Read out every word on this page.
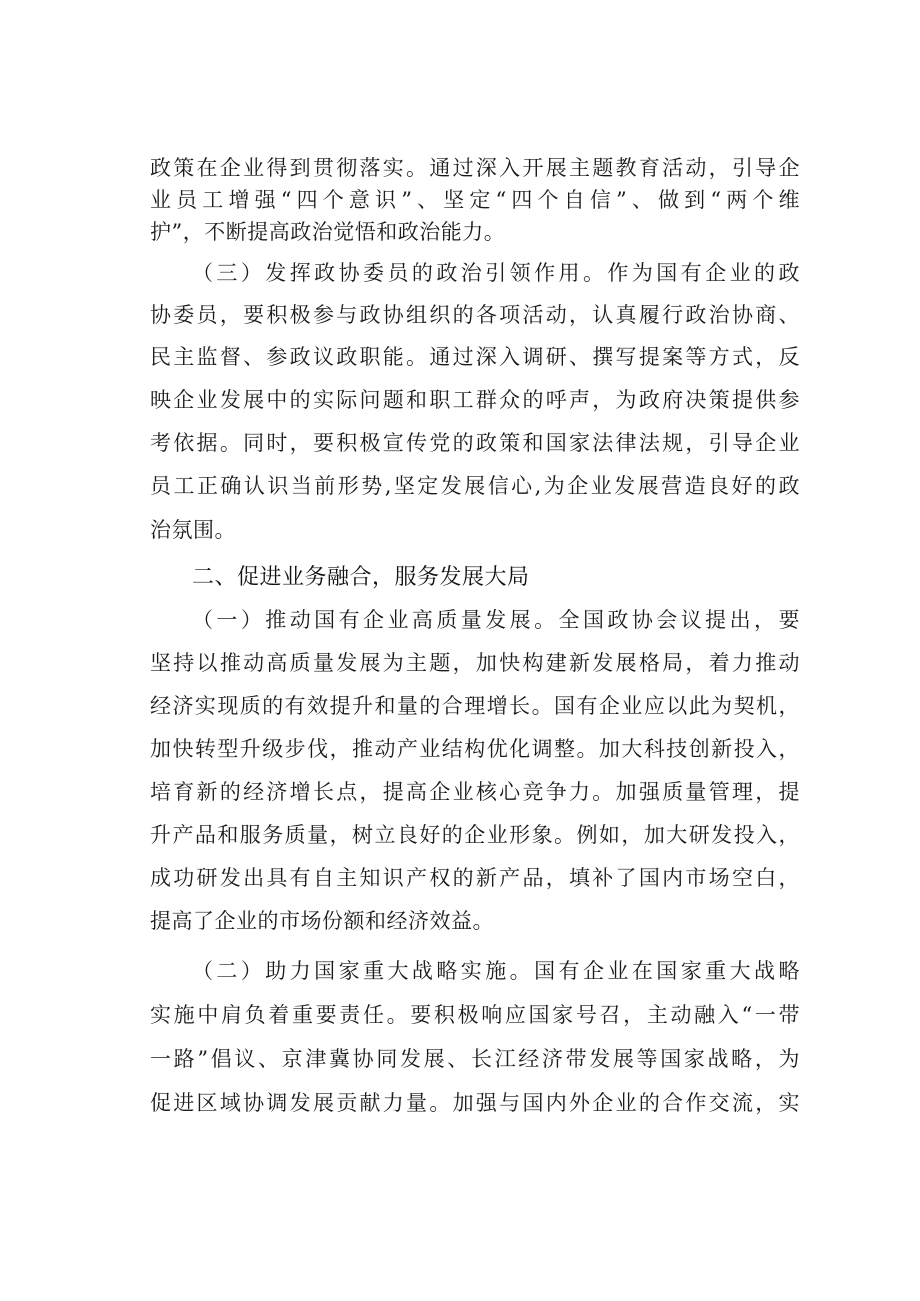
政策在企业得到贯彻落实。通过深入开展主题教育活动，引导企
业员工增强“四个意识”、坚定“四个自信”、做到“两个维
护”，不断提高政治觉悟和政治能力。
（三）发挥政协委员的政治引领作用。作为国有企业的政
协委员，要积极参与政协组织的各项活动，认真履行政治协商、
民主监督、参政议政职能。通过深入调研、撰写提案等方式，反
映企业发展中的实际问题和职工群众的呼声，为政府决策提供参
考依据。同时，要积极宣传党的政策和国家法律法规，引导企业
员工正确认识当前形势,坚定发展信心,为企业发展营造良好的政
治氛围。
二、促进业务融合，服务发展大局
（一）推动国有企业高质量发展。全国政协会议提出，要
坚持以推动高质量发展为主题，加快构建新发展格局，着力推动
经济实现质的有效提升和量的合理增长。国有企业应以此为契机，
加快转型升级步伐，推动产业结构优化调整。加大科技创新投入，
培育新的经济增长点，提高企业核心竞争力。加强质量管理，提
升产品和服务质量，树立良好的企业形象。例如，加大研发投入，
成功研发出具有自主知识产权的新产品，填补了国内市场空白，
提高了企业的市场份额和经济效益。
（二）助力国家重大战略实施。国有企业在国家重大战略
实施中肩负着重要责任。要积极响应国家号召，主动融入“一带
一路”倡议、京津冀协同发展、长江经济带发展等国家战略，为
促进区域协调发展贡献力量。加强与国内外企业的合作交流，实
